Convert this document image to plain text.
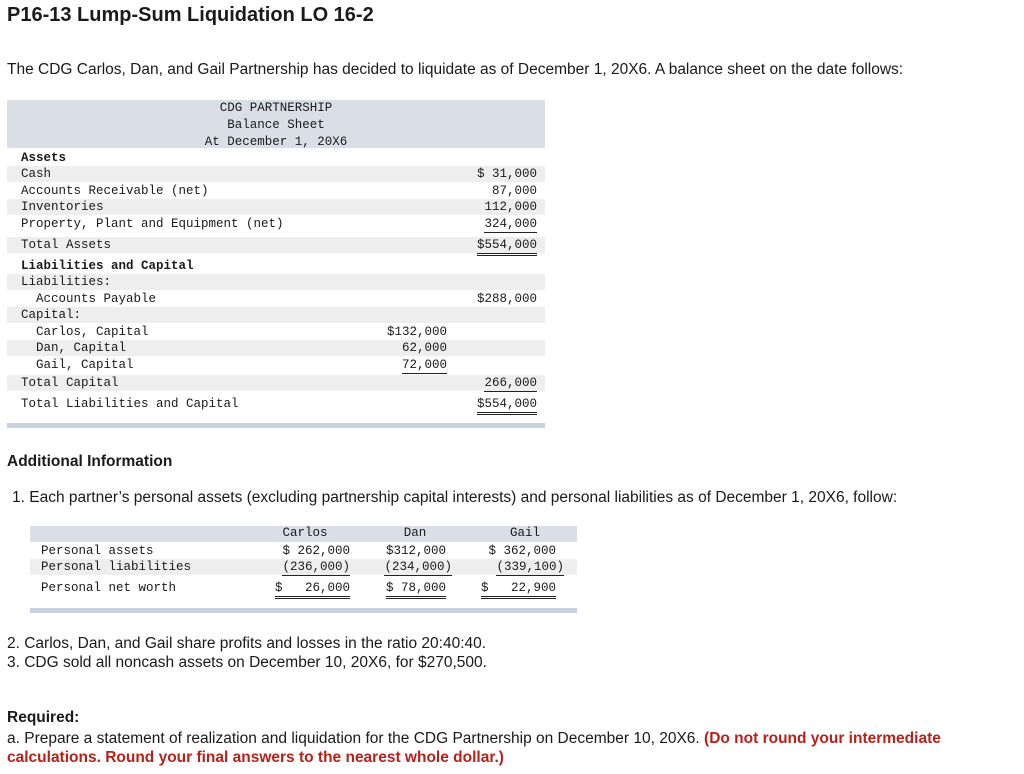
P16-13 Lump-Sum Liquidation LO 16-2
The CDG Carlos, Dan, and Gail Partnership has decided to liquidate as of December 1, 20X6. A balance sheet on the date follows:
CDG PARTNERSHIP
Balance Sheet
At December 1, 20X6
Assets
Cash	$ 31,000
Accounts Receivable (net)	87,000
Inventories	112,000
Property, Plant and Equipment (net)	324,000
Total Assets	$554,000
Liabilities and Capital
Liabilities:
Accounts Payable	$288,000
Capital:
Carlos, Capital	$132,000
Dan, Capital	62,000
Gail, Capital	72,000
Total Capital	266,000
Total Liabilities and Capital	$554,000
Additional Information
1. Each partner’s personal assets (excluding partnership capital interests) and personal liabilities as of December 1, 20X6, follow:
Carlos	Dan	Gail
Personal assets	$ 262,000	$312,000	$ 362,000
Personal liabilities	(236,000)	(234,000)	(339,100)
Personal net worth	$   26,000	$ 78,000	$   22,900
2. Carlos, Dan, and Gail share profits and losses in the ratio 20:40:40.
3. CDG sold all noncash assets on December 10, 20X6, for $270,500.
Required:
a. Prepare a statement of realization and liquidation for the CDG Partnership on December 10, 20X6. (Do not round your intermediate calculations. Round your final answers to the nearest whole dollar.)
